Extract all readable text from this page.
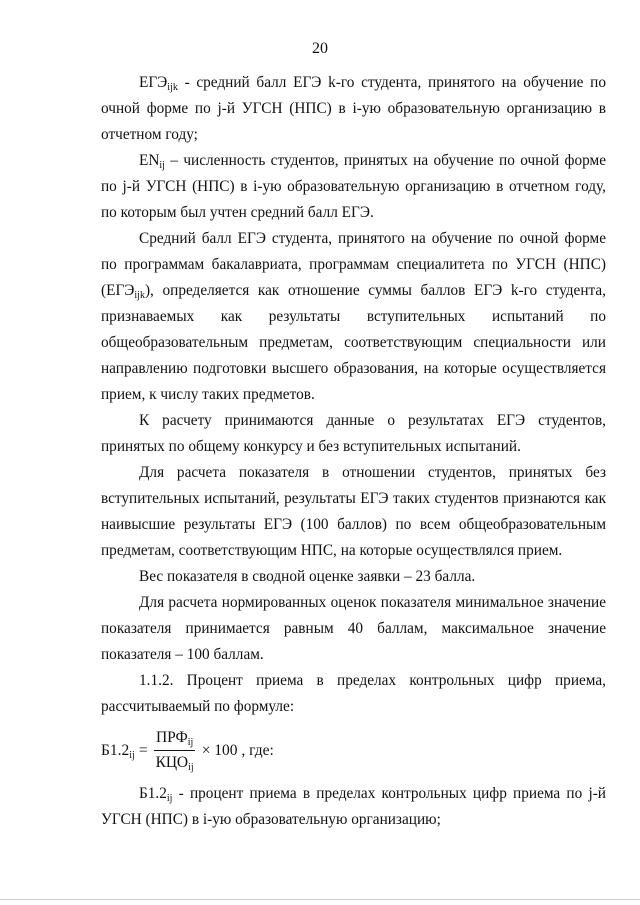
20

$ЕГЭ_{ijk}$ - средний балл ЕГЭ k-го студента, принятого на обучение по очной форме по j-й УГСН (НПС) в i-ую образовательную организацию в отчетном году;

$EN_{ij}$ – численность студентов, принятых на обучение по очной форме по j-й УГСН (НПС) в i-ую образовательную организацию в отчетном году, по которым был учтен средний балл ЕГЭ.

Средний балл ЕГЭ студента, принятого на обучение по очной форме по программам бакалавриата, программам специалитета по УГСН (НПС) $(ЕГЭ_{ijk})$, определяется как отношение суммы баллов ЕГЭ k-го студента, признаваемых как результаты вступительных испытаний по общеобразовательным предметам, соответствующим специальности или направлению подготовки высшего образования, на которые осуществляется прием, к числу таких предметов.

К расчету принимаются данные о результатах ЕГЭ студентов, принятых по общему конкурсу и без вступительных испытаний.

Для расчета показателя в отношении студентов, принятых без вступительных испытаний, результаты ЕГЭ таких студентов признаются как наивысшие результаты ЕГЭ (100 баллов) по всем общеобразовательным предметам, соответствующим НПС, на которые осуществлялся прием.

Вес показателя в сводной оценке заявки – 23 балла.

Для расчета нормированных оценок показателя минимальное значение показателя принимается равным 40 баллам, максимальное значение показателя – 100 баллам.

1.1.2. Процент приема в пределах контрольных цифр приема, рассчитываемый по формуле:

$Б1.2_{ij} = \frac{ПРФ_{ij}}{КЦО_{ij}} \times 100$ , где:

$Б1.2_{ij}$ - процент приема в пределах контрольных цифр приема по j-й УГСН (НПС) в i-ую образовательную организацию;
